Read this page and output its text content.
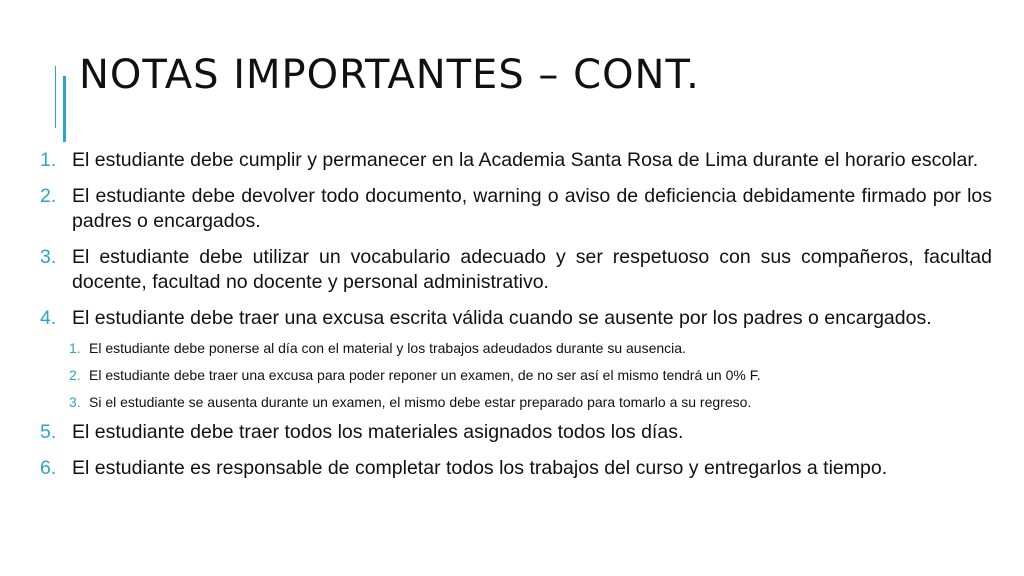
NOTAS IMPORTANTES – CONT.
1. El estudiante debe cumplir y permanecer en la Academia Santa Rosa de Lima durante el horario escolar.
2. El estudiante debe devolver todo documento, warning o aviso de deficiencia debidamente firmado por los padres o encargados.
3. El estudiante debe utilizar un vocabulario adecuado y ser respetuoso con sus compañeros, facultad docente, facultad no docente y personal administrativo.
4. El estudiante debe traer una excusa escrita válida cuando se ausente por los padres o encargados.
1. El estudiante debe ponerse al día con el material y los trabajos adeudados durante su ausencia.
2. El estudiante debe traer una excusa para poder reponer un examen, de no ser así el mismo tendrá un 0% F.
3. Si el estudiante se ausenta durante un examen, el mismo debe estar preparado para tomarlo a su regreso.
5. El estudiante debe traer todos los materiales asignados todos los días.
6. El estudiante es responsable de completar todos los trabajos del curso y entregarlos a tiempo.
